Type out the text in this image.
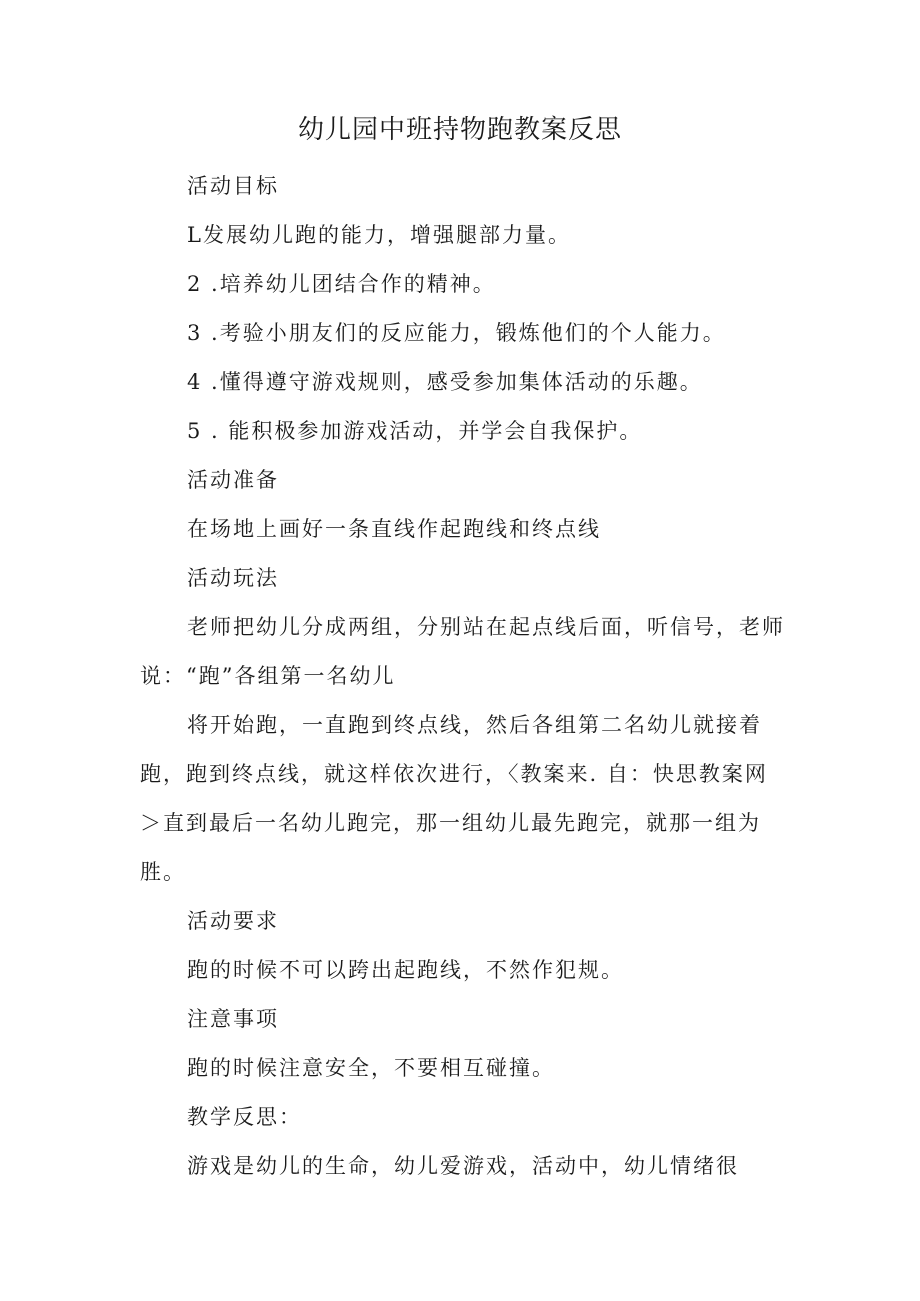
幼儿园中班持物跑教案反思

活动目标

L发展幼儿跑的能力，增强腿部力量。

2 .培养幼儿团结合作的精神。

3 .考验小朋友们的反应能力，锻炼他们的个人能力。

4 .懂得遵守游戏规则，感受参加集体活动的乐趣。

5 . 能积极参加游戏活动，并学会自我保护。

活动准备

在场地上画好一条直线作起跑线和终点线

活动玩法

老师把幼儿分成两组，分别站在起点线后面，听信号，老师说：“跑”各组第一名幼儿

将开始跑，一直跑到终点线，然后各组第二名幼儿就接着跑，跑到终点线，就这样依次进行，〈教案来. 自：快思教案网＞直到最后一名幼儿跑完，那一组幼儿最先跑完，就那一组为胜。

活动要求

跑的时候不可以跨出起跑线，不然作犯规。

注意事项

跑的时候注意安全，不要相互碰撞。

教学反思：

游戏是幼儿的生命，幼儿爱游戏，活动中，幼儿情绪很
